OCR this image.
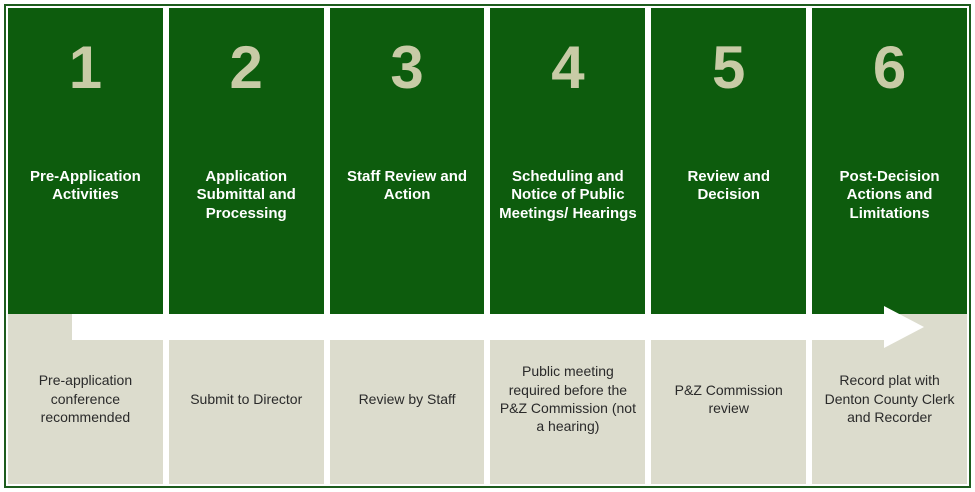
1
Pre-Application Activities
Pre-application conference recommended
2
Application Submittal and Processing
Submit to Director
3
Staff Review and Action
Review by Staff
4
Scheduling and Notice of Public Meetings/ Hearings
Public meeting required before the P&Z Commission (not a hearing)
5
Review and Decision
P&Z Commission review
6
Post-Decision Actions and Limitations
Record plat with Denton County Clerk and Recorder
